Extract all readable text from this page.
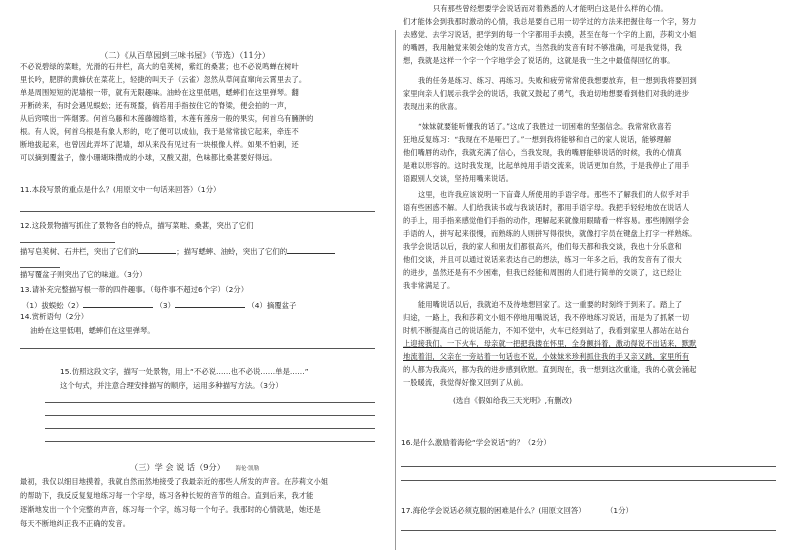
（二）《从百草园到三味书屋》（节选）（11分）
不必说碧绿的菜畦，光滑的石井栏，高大的皂荚树，紫红的桑葚；也不必说鸣蝉在树叶
里长吟，肥胖的黄蜂伏在菜花上，轻捷的叫天子（云雀）忽然从草间直窜向云霄里去了。
单是周围短短的泥墙根一带，就有无限趣味。油蛉在这里低唱，蟋蟀们在这里弹琴。翻
开断砖来，有时会遇见蜈蚣；还有斑蝥，倘若用手指按住它的脊梁，便会拍的一声，
从后窍喷出一阵烟雾。何首乌藤和木莲藤缠络着，木莲有莲房一般的果实，何首乌有臃肿的
根。有人说，何首乌根是有象人形的，吃了便可以成仙，我于是常常拔它起来，牵连不
断地拔起来，也曾因此弄坏了泥墙，却从来没有见过有一块根像人样。如果不怕刺，还
可以摘到覆盆子，像小珊瑚珠攒成的小球，又酸又甜，色味都比桑葚要好得远。
11.本段写景的重点是什么？(用原文中一句话来回答）（1分）
12.这段景物描写抓住了景物各自的特点，描写菜畦、桑葚，突出了它们
描写皂荚树、石井栏，突出了它们的	；描写蟋蟀、油蛉，突出了它们的
描写覆盆子则突出了它的味道。（3分）
13.请补充完整描写根一带的四件趣事。（每件事不超过6个字）（2分）
（1）拔蜈蚣（2）	（3）	（4）摘覆盆子
14.赏析语句（2分）
油蛉在这里低唱，蟋蟀们在这里弹琴。
15.仿照这段文字，描写一处景物，用上“不必说……也不必说……单是……”
这个句式，并注意合理安排描写的顺序，运用多种描写方法。（3分）
（三）学 会 说 话（9分） 海伦·凯勒
最初，我仅以细目地摸着，我就自然而然地接受了我最亲近的那些人所发的声音。在莎莉文小姐
的帮助下，我反反复复地练习每一个字母，练习各种长短的音节的组合。直到后来，我才能
逐渐地发出一个个完整的声音，练习每一个字，练习每一个句子。我那时的心情就是，她还是
每天不断地纠正我不正确的发音。
只有那些曾经想要学会说话而对着熟悉的人才能明白这是什么样的心情。
们才能体会到我那时激动的心情，我总是要自己用一切学过的方法来把握住每一个字，努力
去感觉、去学习说话，把学到的每一个字都用手去摸，甚至在每一个字的上面，莎莉文小姐
的嘴唇，我用触觉来领会她的发音方式，当然我的发音有时不够准确，可是我觉得，我
想，我就是这样一个字一个字地学会了说话的，这就是我一生之中最值得回忆的事。
我的任务是练习、练习、再练习。失败和疲劳常常使我想要放弃，但一想到我将要回到
家里向亲人们展示我学会的说话，我就又鼓起了勇气，我迫切地想要看到他们对我的进步
表现出来的欣喜。
“妹妹就要能听懂我的话了。”这成了我胜过一切困难的坚强信念。我常常欣喜若
狂地反复练习：“我现在不是哑巴了。”一想到我将能够和自己的家人说话，能够理解
他们嘴唇的动作，我就充满了信心，当我发现，我的嘴唇能够说话的时候，我的心情真
是难以形容的。这时我发现，比起单纯用手语交流来，说话更加自然，于是我停止了用手
语跟别人交谈，坚持用嘴来说话。
这里，也许我应该说明一下盲聋人所使用的手语字母。那些不了解我们的人似乎对手
语有些困惑不解。人们给我读书或与我谈话时，都用手语字母。我把手轻轻地放在说话人
的手上，用手指来感觉他们手指的动作，理解起来就像用眼睛看一样容易。那些刚刚学会
手语的人，拼写起来很慢，而熟练的人则拼写得很快，就像打字员在键盘上打字一样熟练。
我学会说话以后，我的家人和朋友们都很高兴，他们每天都和我交谈，我也十分乐意和
他们交谈，并且可以通过说话来表达自己的想法，练习一年多之后，我的发音有了很大
的进步，虽然还是有不少困难，但我已经能和周围的人们进行简单的交谈了，这已经让
我非常满足了。
能用嘴说话以后，我就迫不及待地想回家了。这一重要的时刻终于到来了。踏上了
归途，一路上，我和莎莉文小姐不停地用嘴说话，我不停地练习说话，而是为了抓紧一切
时机不断提高自己的说话能力，不知不觉中，火车已经到站了，我看到家里人都站在站台
上迎接我们，一下火车，母亲就一把把我搂在怀里，全身颤抖着，激动得说不出话来，默默
地流着泪，父亲在一旁站着一句话也不说，小妹妹米珍利抓住我的手又亲又跳，家里所有
的人都为我高兴，都为我的进步感到欣慰。直到现在，我一想到这次重逢，我的心就会涌起
一股暖流，我觉得好像又回到了从前。
(选自《假如给我三天光明》,有删改)
16.是什么激励着海伦“学会说话”的？（2分）
17.海伦学会说话必须克服的困难是什么？(用原文回答）	（1分）
